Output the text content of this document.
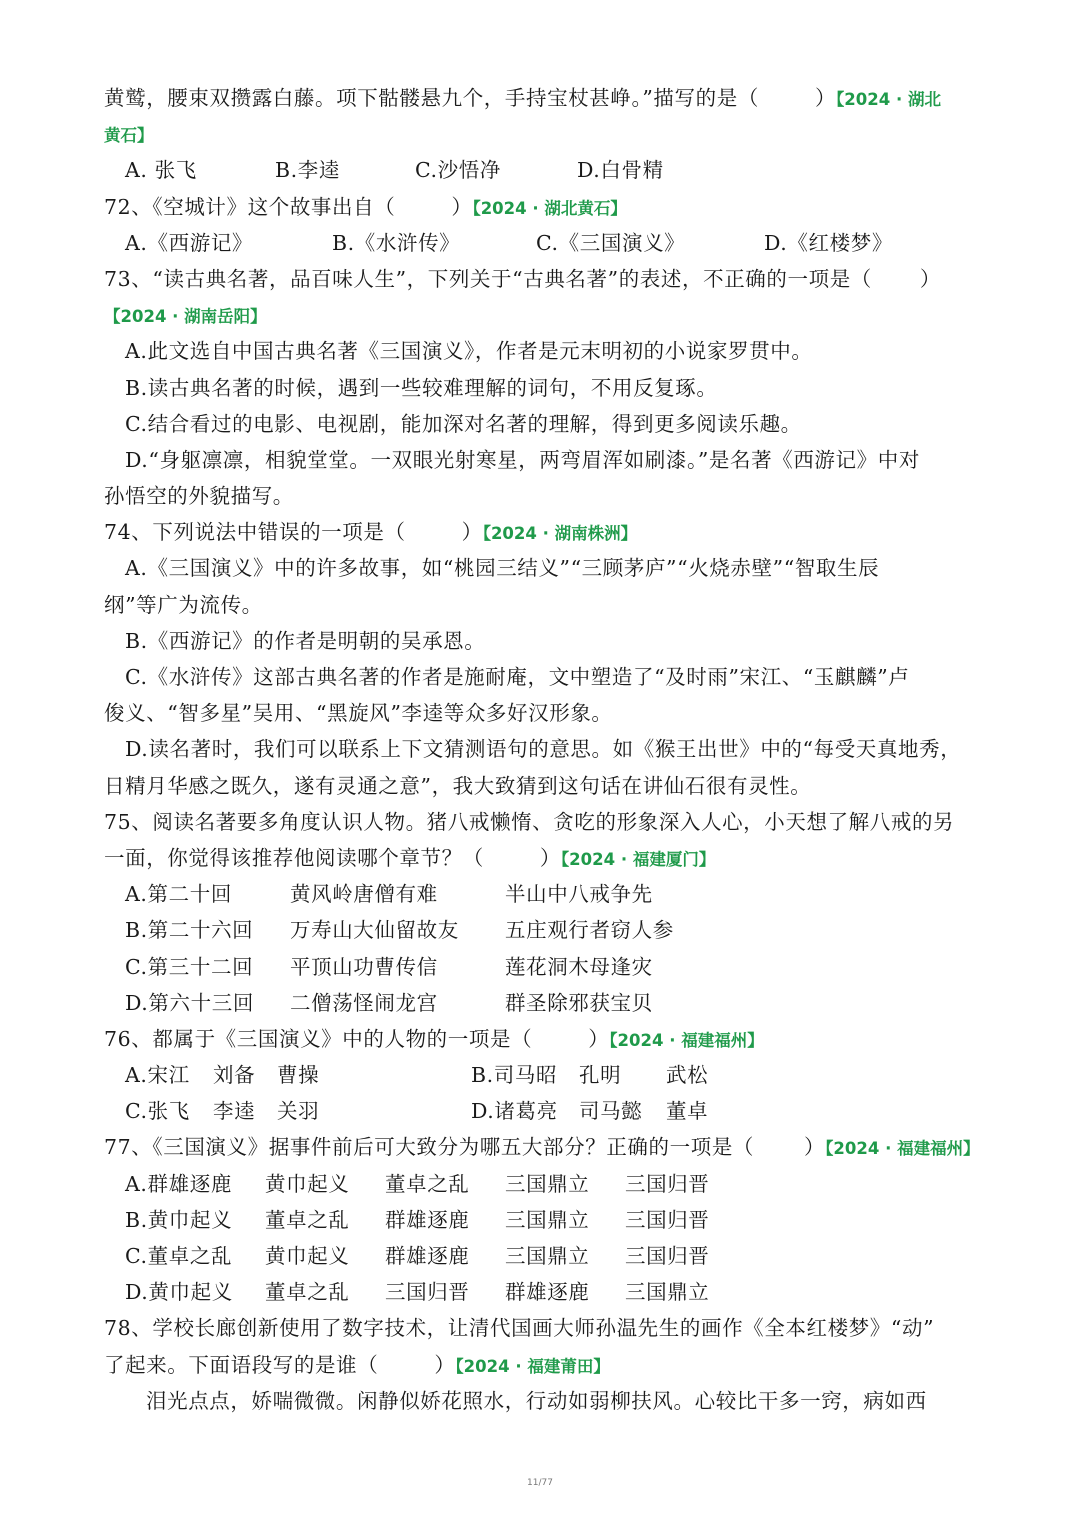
黄鹫，腰束双攒露白藤。项下骷髅悬九个，手持宝杖甚峥。”描写的是（	）【2024 · 湖北
黄石】
A. 张飞	B.李逵	C.沙悟净	D.白骨精
72、《空城计》这个故事出自（	）【2024 · 湖北黄石】
A.《西游记》	B.《水浒传》	C.《三国演义》	D.《红楼梦》
73、“读古典名著，品百味人生”，下列关于“古典名著”的表述，不正确的一项是（ ）
【2024 · 湖南岳阳】
A.此文选自中国古典名著《三国演义》，作者是元末明初的小说家罗贯中。
B.读古典名著的时候，遇到一些较难理解的词句，不用反复琢。
C.结合看过的电影、电视剧，能加深对名著的理解，得到更多阅读乐趣。
D.“身躯凛凛，相貌堂堂。一双眼光射寒星，两弯眉浑如刷漆。”是名著《西游记》中对
孙悟空的外貌描写。
74、下列说法中错误的一项是（	）【2024 · 湖南株洲】
A.《三国演义》中的许多故事，如“桃园三结义”“三顾茅庐”“火烧赤壁”“智取生辰
纲”等广为流传。
B.《西游记》的作者是明朝的吴承恩。
C.《水浒传》这部古典名著的作者是施耐庵，文中塑造了“及时雨”宋江、“玉麒麟”卢
俊义、“智多星”吴用、“黑旋风”李逵等众多好汉形象。
D.读名著时，我们可以联系上下文猜测语句的意思。如《猴王出世》中的“每受天真地秀，
日精月华感之既久，遂有灵通之意”，我大致猜到这句话在讲仙石很有灵性。
75、阅读名著要多角度认识人物。猪八戒懒惰、贪吃的形象深入人心，小天想了解八戒的另
一面，你觉得该推荐他阅读哪个章节？（	）【2024 · 福建厦门】
A.第二十回	黄风岭唐僧有难	半山中八戒争先
B.第二十六回	万寿山大仙留故友	五庄观行者窃人参
C.第三十二回	平顶山功曹传信	莲花洞木母逢灾
D.第六十三回	二僧荡怪闹龙宫	群圣除邪获宝贝
76、都属于《三国演义》中的人物的一项是（	）【2024 · 福建福州】
A.宋江	刘备	曹操	B.司马昭	孔明	武松
C.张飞	李逵	关羽	D.诸葛亮	司马懿	董卓
77、《三国演义》据事件前后可大致分为哪五大部分？正确的一项是（ ）【2024 · 福建福州】
A.群雄逐鹿	黄巾起义	董卓之乱	三国鼎立	三国归晋
B.黄巾起义	董卓之乱	群雄逐鹿	三国鼎立	三国归晋
C.董卓之乱	黄巾起义	群雄逐鹿	三国鼎立	三国归晋
D.黄巾起义	董卓之乱	三国归晋	群雄逐鹿	三国鼎立
78、学校长廊创新使用了数字技术，让清代国画大师孙温先生的画作《全本红楼梦》“动”
了起来。下面语段写的是谁（	）【2024 · 福建莆田】
泪光点点，娇喘微微。闲静似娇花照水，行动如弱柳扶风。心较比干多一窍，病如西
11/77
